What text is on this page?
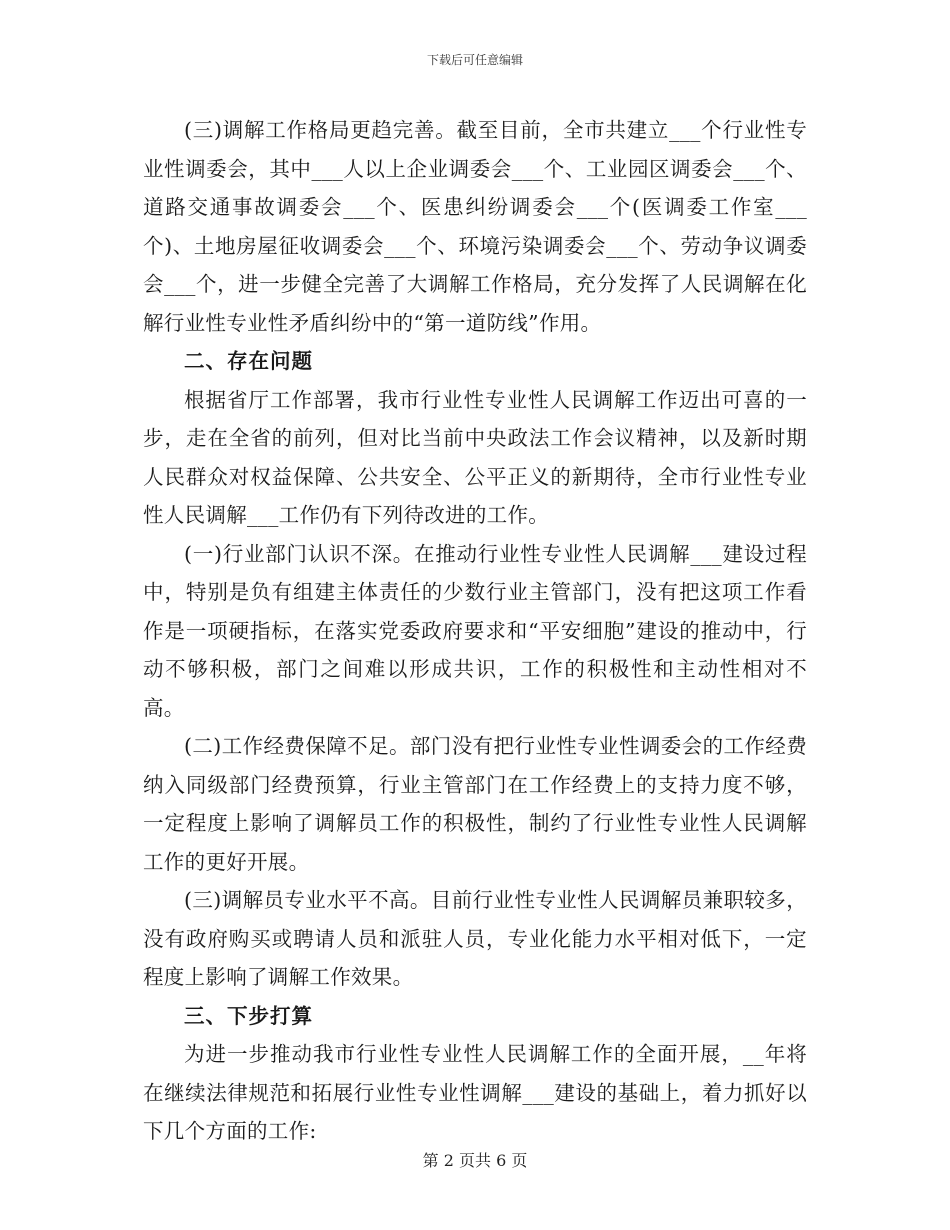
下载后可任意编辑

(三)调解工作格局更趋完善。截至目前，全市共建立___个行业性专业性调委会，其中___人以上企业调委会___个、工业园区调委会___个、道路交通事故调委会___个、医患纠纷调委会___个(医调委工作室___个)、土地房屋征收调委会___个、环境污染调委会___个、劳动争议调委会___个，进一步健全完善了大调解工作格局，充分发挥了人民调解在化解行业性专业性矛盾纠纷中的“第一道防线”作用。

二、存在问题

根据省厅工作部署，我市行业性专业性人民调解工作迈出可喜的一步，走在全省的前列，但对比当前中央政法工作会议精神，以及新时期人民群众对权益保障、公共安全、公平正义的新期待，全市行业性专业性人民调解___工作仍有下列待改进的工作。

(一)行业部门认识不深。在推动行业性专业性人民调解___建设过程中，特别是负有组建主体责任的少数行业主管部门，没有把这项工作看作是一项硬指标，在落实党委政府要求和“平安细胞”建设的推动中，行动不够积极，部门之间难以形成共识，工作的积极性和主动性相对不高。

(二)工作经费保障不足。部门没有把行业性专业性调委会的工作经费纳入同级部门经费预算，行业主管部门在工作经费上的支持力度不够，一定程度上影响了调解员工作的积极性，制约了行业性专业性人民调解工作的更好开展。

(三)调解员专业水平不高。目前行业性专业性人民调解员兼职较多，没有政府购买或聘请人员和派驻人员，专业化能力水平相对低下，一定程度上影响了调解工作效果。

三、下步打算

为进一步推动我市行业性专业性人民调解工作的全面开展，__年将在继续法律规范和拓展行业性专业性调解___建设的基础上，着力抓好以下几个方面的工作:

第 2 页共 6 页
